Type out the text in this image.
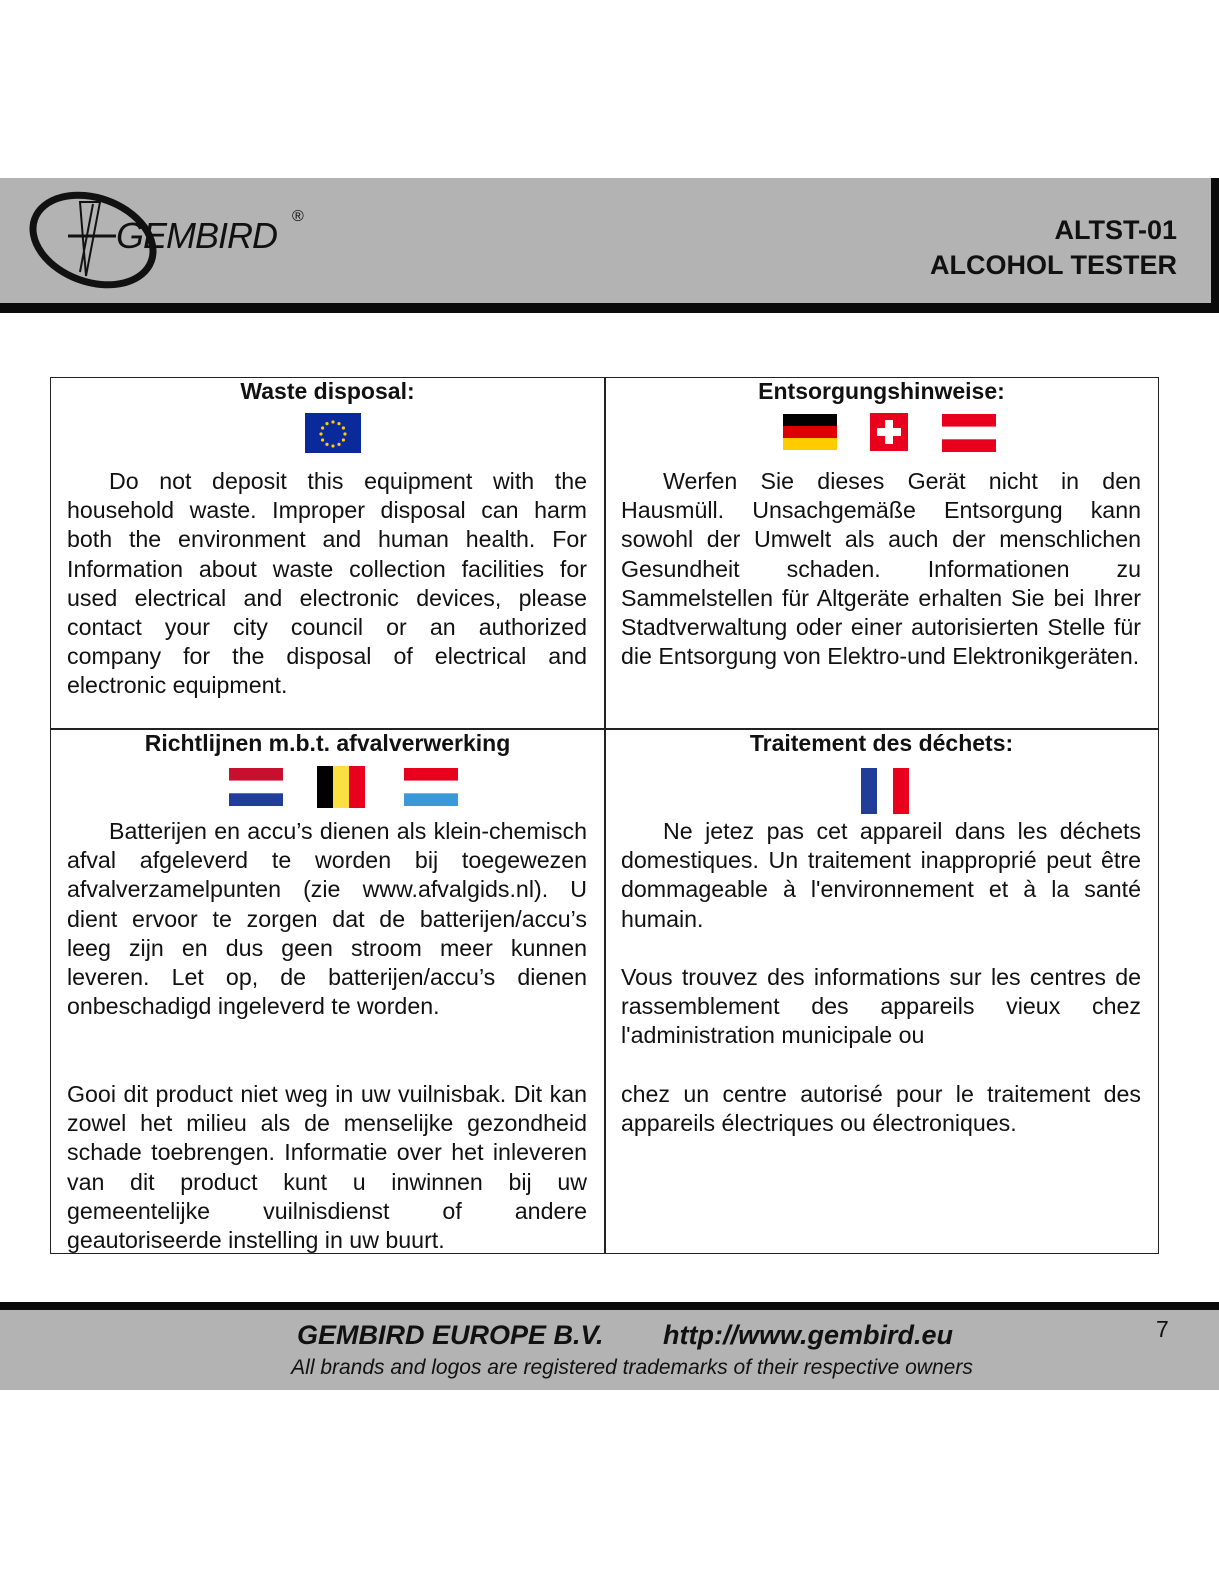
GEMBIRD ®	ALTST-01
ALCOHOL TESTER
Waste disposal:
Do not deposit this equipment with the household waste. Improper disposal can harm both the environment and human health. For Information about waste collection facilities for used electrical and electronic devices, please contact your city council or an authorized company for the disposal of electrical and electronic equipment.
Entsorgungshinweise:
Werfen Sie dieses Gerät nicht in den Hausmüll. Unsachgemäße Entsorgung kann sowohl der Umwelt als auch der menschlichen Gesundheit schaden. Informationen zu Sammelstellen für Altgeräte erhalten Sie bei Ihrer Stadtverwaltung oder einer autorisierten Stelle für die Entsorgung von Elektro-und Elektronikgeräten.
Richtlijnen m.b.t. afvalverwerking
Batterijen en accu’s dienen als klein-chemisch afval afgeleverd te worden bij toegewezen afvalverzamelpunten (zie www.afvalgids.nl). U dient ervoor te zorgen dat de batterijen/accu’s leeg zijn en dus geen stroom meer kunnen leveren. Let op, de batterijen/accu’s dienen onbeschadigd ingeleverd te worden.
Gooi dit product niet weg in uw vuilnisbak. Dit kan zowel het milieu als de menselijke gezondheid schade toebrengen. Informatie over het inleveren van dit product kunt u inwinnen bij uw gemeentelijke vuilnisdienst of andere geautoriseerde instelling in uw buurt.
Traitement des déchets:
Ne jetez pas cet appareil dans les déchets domestiques. Un traitement inapproprié peut être dommageable à l'environnement et à la santé humain.
Vous trouvez des informations sur les centres de rassemblement des appareils vieux chez l'administration municipale ou
chez un centre autorisé pour le traitement des appareils électriques ou électroniques.
GEMBIRD EUROPE B.V. http://www.gembird.eu
All brands and logos are registered trademarks of their respective owners
7
